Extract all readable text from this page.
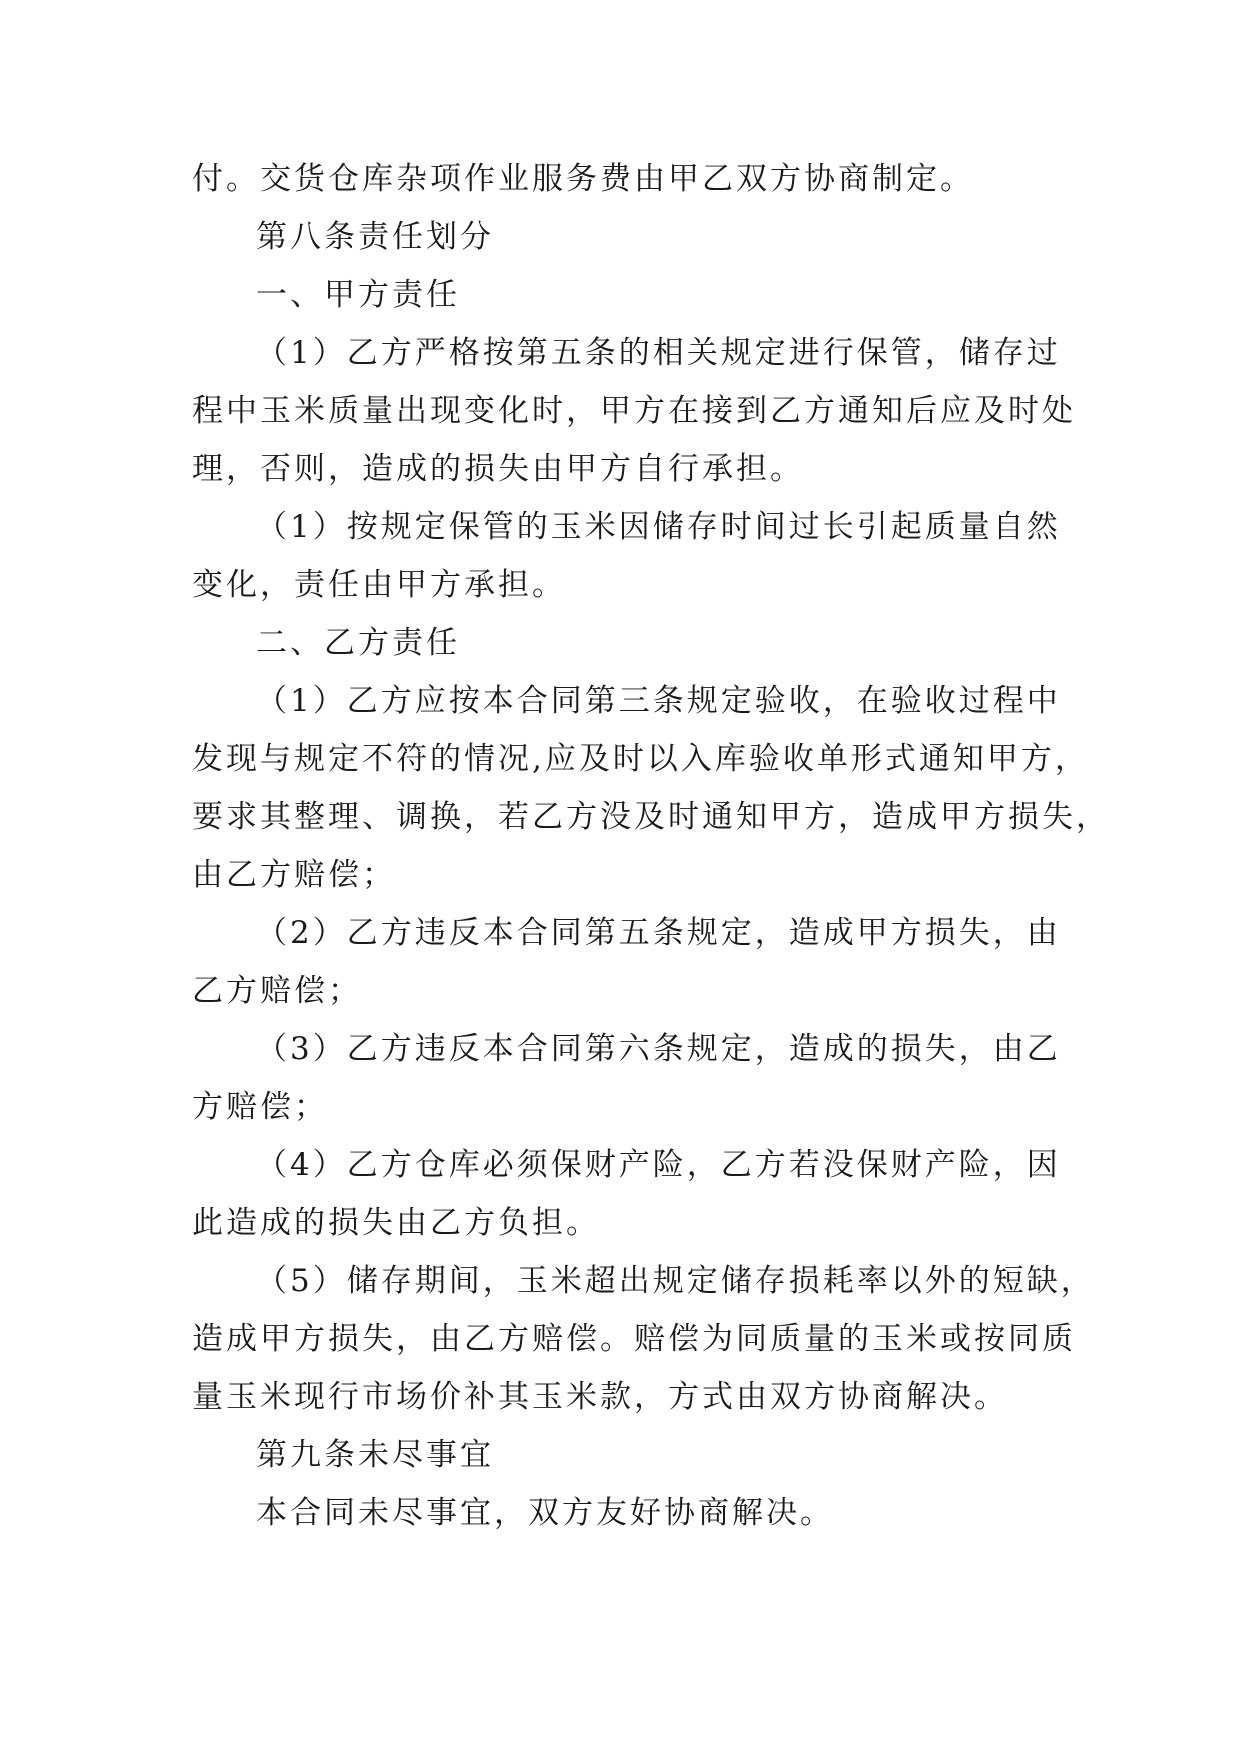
付。交货仓库杂项作业服务费由甲乙双方协商制定。
第八条责任划分
一、甲方责任
（1）乙方严格按第五条的相关规定进行保管，储存过
程中玉米质量出现变化时，甲方在接到乙方通知后应及时处
理，否则，造成的损失由甲方自行承担。
（1）按规定保管的玉米因储存时间过长引起质量自然
变化，责任由甲方承担。
二、乙方责任
（1）乙方应按本合同第三条规定验收，在验收过程中
发现与规定不符的情况,应及时以入库验收单形式通知甲方，
要求其整理、调换，若乙方没及时通知甲方，造成甲方损失，
由乙方赔偿；
（2）乙方违反本合同第五条规定，造成甲方损失，由
乙方赔偿；
（3）乙方违反本合同第六条规定，造成的损失，由乙
方赔偿；
（4）乙方仓库必须保财产险，乙方若没保财产险，因
此造成的损失由乙方负担。
（5）储存期间，玉米超出规定储存损耗率以外的短缺，
造成甲方损失，由乙方赔偿。赔偿为同质量的玉米或按同质
量玉米现行市场价补其玉米款，方式由双方协商解决。
第九条未尽事宜
本合同未尽事宜，双方友好协商解决。
